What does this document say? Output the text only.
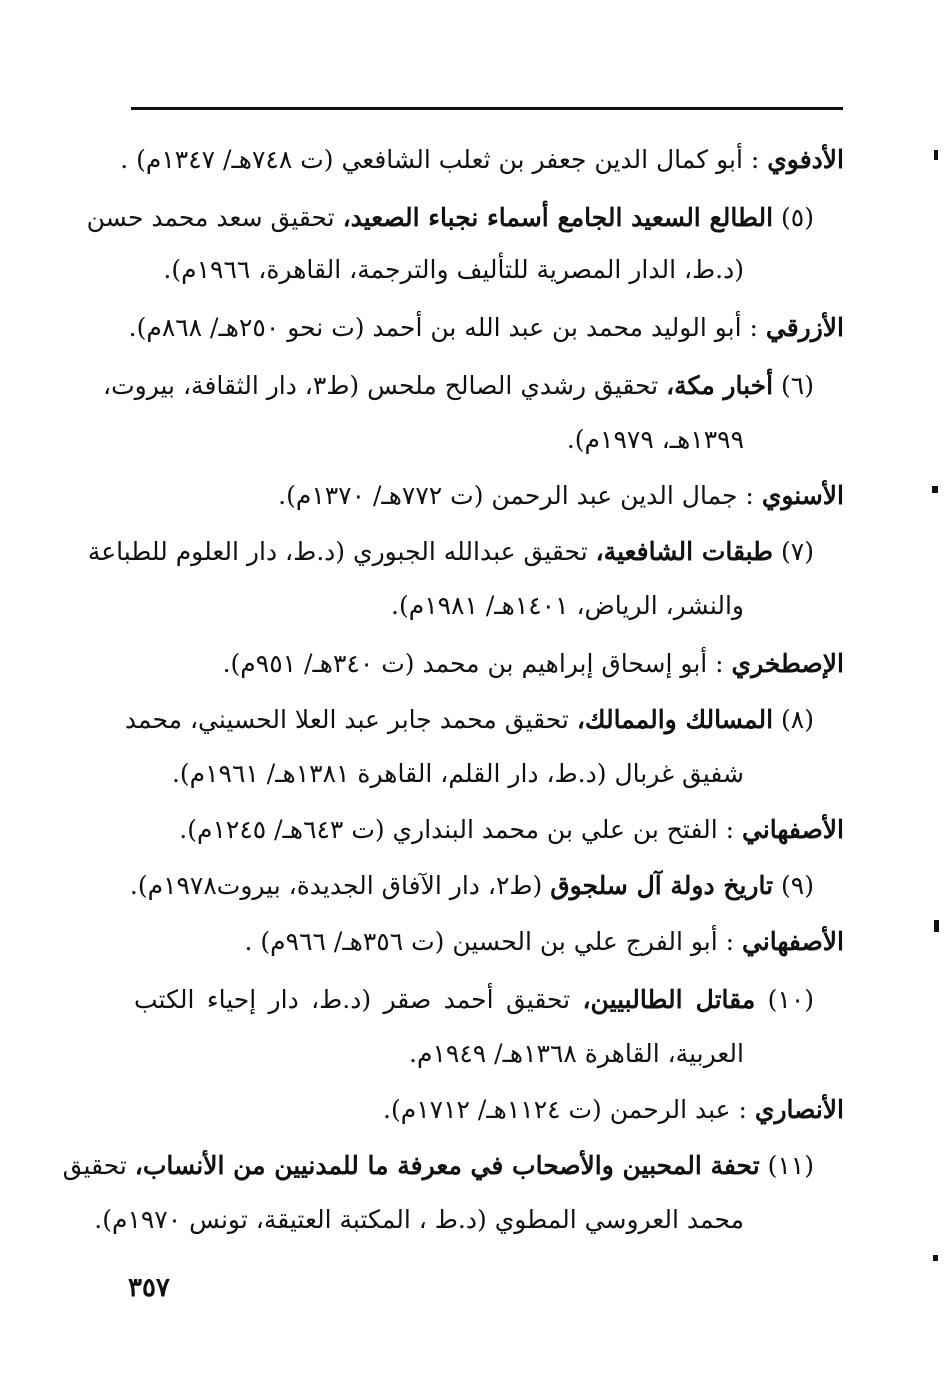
الأدفوي : أبو كمال الدين جعفر بن ثعلب الشافعي (ت ٧٤٨هـ/ ١٣٤٧م) .
(٥) الطالع السعيد الجامع أسماء نجباء الصعيد، تحقيق سعد محمد حسن
(د.ط، الدار المصرية للتأليف والترجمة، القاهرة، ١٩٦٦م).
الأزرقي : أبو الوليد محمد بن عبد الله بن أحمد (ت نحو ٢٥٠هـ/ ٨٦٨م).
(٦) أخبار مكة، تحقيق رشدي الصالح ملحس (ط٣، دار الثقافة، بيروت،
١٣٩٩هـ، ١٩٧٩م).
الأسنوي : جمال الدين عبد الرحمن (ت ٧٧٢هـ/ ١٣٧٠م).
(٧) طبقات الشافعية، تحقيق عبدالله الجبوري (د.ط، دار العلوم للطباعة
والنشر، الرياض، ١٤٠١هـ/ ١٩٨١م).
الإصطخري : أبو إسحاق إبراهيم بن محمد (ت ٣٤٠هـ/ ٩٥١م).
(٨) المسالك والممالك، تحقيق محمد جابر عبد العلا الحسيني، محمد
شفيق غربال (د.ط، دار القلم، القاهرة ١٣٨١هـ/ ١٩٦١م).
الأصفهاني : الفتح بن علي بن محمد البنداري (ت ٦٤٣هـ/ ١٢٤٥م).
(٩) تاريخ دولة آل سلجوق (ط٢، دار الآفاق الجديدة، بيروت١٩٧٨م).
الأصفهاني : أبو الفرج علي بن الحسين (ت ٣٥٦هـ/ ٩٦٦م) .
(١٠) مقاتل الطالبيين، تحقيق أحمد صقر (د.ط، دار إحياء الكتب
العربية، القاهرة ١٣٦٨هـ/ ١٩٤٩م.
الأنصاري : عبد الرحمن (ت ١١٢٤هـ/ ١٧١٢م).
(١١) تحفة المحبين والأصحاب في معرفة ما للمدنيين من الأنساب، تحقيق
محمد العروسي المطوي (د.ط ، المكتبة العتيقة، تونس ١٩٧٠م).
٣٥٧
